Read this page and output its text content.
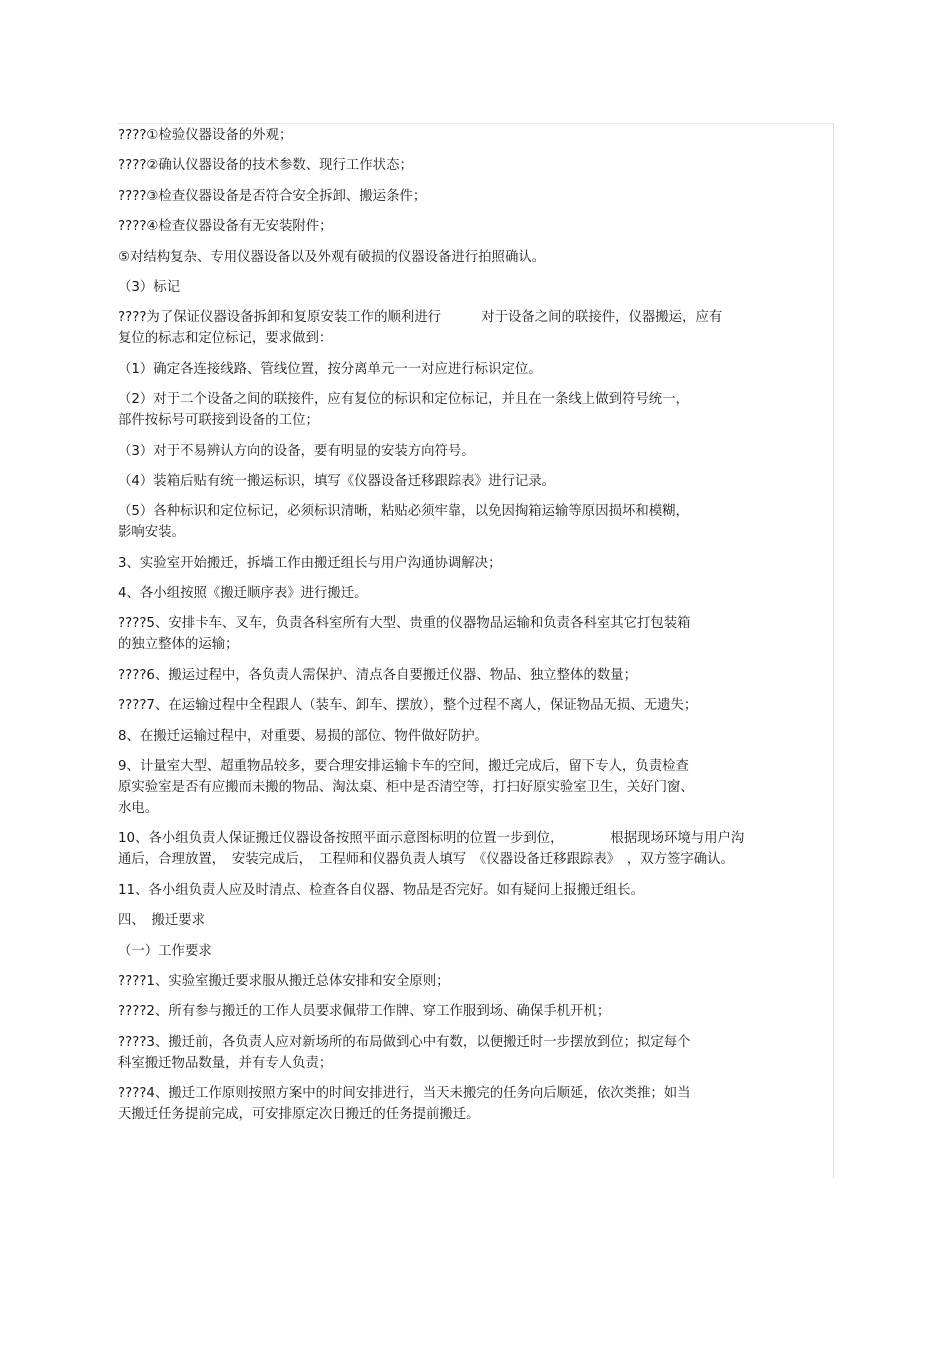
????①检验仪器设备的外观；
????②确认仪器设备的技术参数、现行工作状态；
????③检查仪器设备是否符合安全拆卸、搬运条件；
????④检查仪器设备有无安装附件；
⑤对结构复杂、专用仪器设备以及外观有破损的仪器设备进行拍照确认。
（3）标记
????为了保证仪器设备拆卸和复原安装工作的顺利进行　　　对于设备之间的联接件，仪器搬运，应有
复位的标志和定位标记，要求做到：
（1）确定各连接线路、管线位置，按分离单元一一对应进行标识定位。
（2）对于二个设备之间的联接件，应有复位的标识和定位标记，并且在一条线上做到符号统一，
部件按标号可联接到设备的工位；
（3）对于不易辨认方向的设备，要有明显的安装方向符号。
（4）装箱后贴有统一搬运标识，填写《仪器设备迁移跟踪表》进行记录。
（5）各种标识和定位标记，必须标识清晰，粘贴必须牢靠，以免因掏箱运输等原因损坏和模糊，
影响安装。
3、实验室开始搬迁，拆墙工作由搬迁组长与用户沟通协调解决；
4、各小组按照《搬迁顺序表》进行搬迁。
????5、安排卡车、叉车，负责各科室所有大型、贵重的仪器物品运输和负责各科室其它打包装箱
的独立整体的运输；
????6、搬运过程中，各负责人需保护、清点各自要搬迁仪器、物品、独立整体的数量；
????7、在运输过程中全程跟人（装车、卸车、摆放），整个过程不离人，保证物品无损、无遗失；
8、在搬迁运输过程中，对重要、易损的部位、物件做好防护。
9、计量室大型、超重物品较多，要合理安排运输卡车的空间，搬迁完成后，留下专人，负责检查
原实验室是否有应搬而未搬的物品、淘汰桌、柜中是否清空等，打扫好原实验室卫生，关好门窗、
水电。
10、各小组负责人保证搬迁仪器设备按照平面示意图标明的位置一步到位，　　　　根据现场环境与用户沟
通后，合理放置，　安装完成后，　工程师和仪器负责人填写　《仪器设备迁移跟踪表》　，双方签字确认。
11、各小组负责人应及时清点、检查各自仪器、物品是否完好。如有疑问上报搬迁组长。
四、　搬迁要求
（一）工作要求
????1、实验室搬迁要求服从搬迁总体安排和安全原则；
????2、所有参与搬迁的工作人员要求佩带工作牌、穿工作服到场、确保手机开机；
????3、搬迁前，各负责人应对新场所的布局做到心中有数，以便搬迁时一步摆放到位；拟定每个
科室搬迁物品数量，并有专人负责；
????4、搬迁工作原则按照方案中的时间安排进行，当天未搬完的任务向后顺延，依次类推；如当
天搬迁任务提前完成，可安排原定次日搬迁的任务提前搬迁。
